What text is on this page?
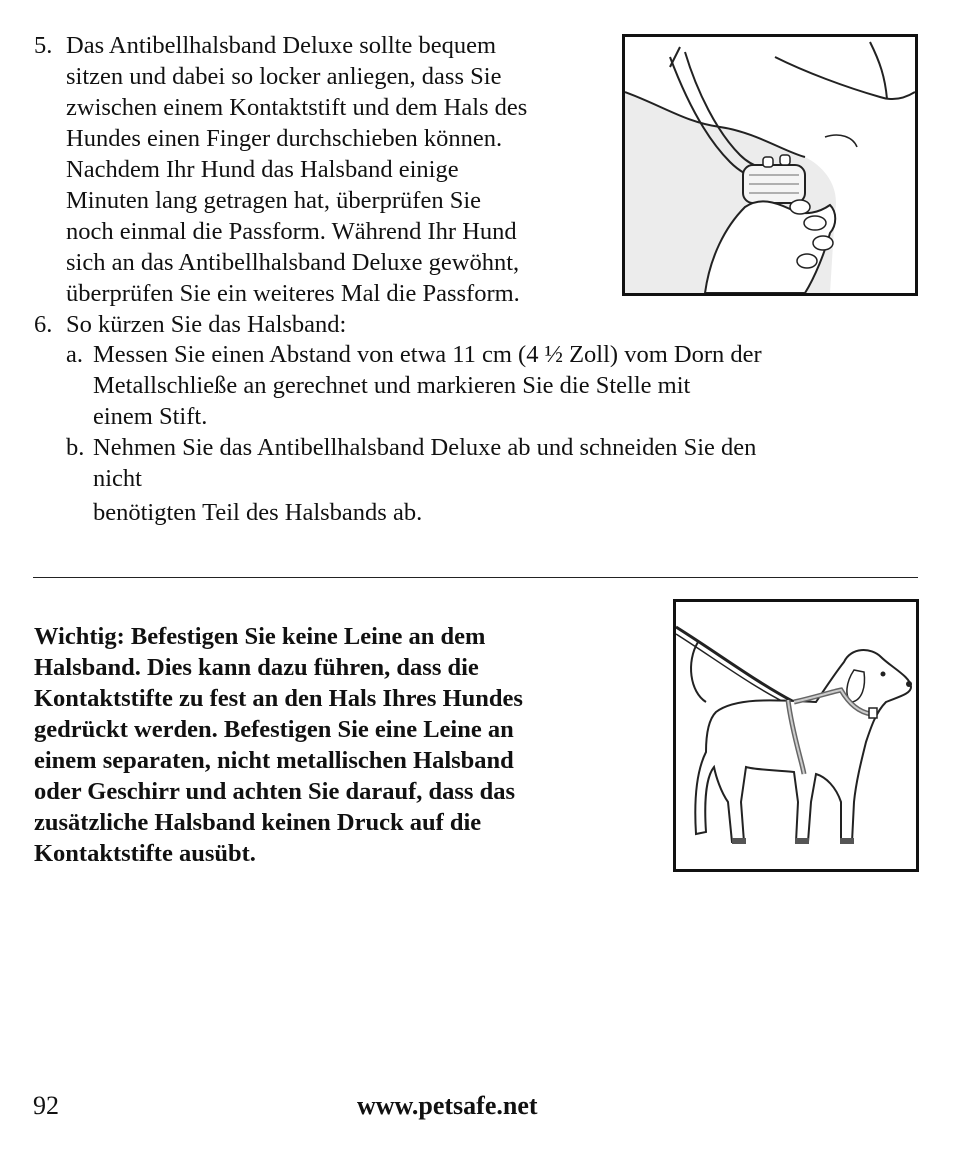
5. Das Antibellhalsband Deluxe sollte bequem
sitzen und dabei so locker anliegen, dass Sie
zwischen einem Kontaktstift und dem Hals des
Hundes einen Finger durchschieben können.
Nachdem Ihr Hund das Halsband einige
Minuten lang getragen hat, überprüfen Sie
noch einmal die Passform. Während Ihr Hund
sich an das Antibellhalsband Deluxe gewöhnt,
überprüfen Sie ein weiteres Mal die Passform.
6. So kürzen Sie das Halsband:
a. Messen Sie einen Abstand von etwa 11 cm (4 ½ Zoll) vom Dorn der
Metallschließe an gerechnet und markieren Sie die Stelle mit
einem Stift.
b. Nehmen Sie das Antibellhalsband Deluxe ab und schneiden Sie den
nicht
benötigten Teil des Halsbands ab.
Wichtig: Befestigen Sie keine Leine an dem
Halsband. Dies kann dazu führen, dass die
Kontaktstifte zu fest an den Hals Ihres Hundes
gedrückt werden. Befestigen Sie eine Leine an
einem separaten, nicht metallischen Halsband
oder Geschirr und achten Sie darauf, dass das
zusätzliche Halsband keinen Druck auf die
Kontaktstifte ausübt.
92	www.petsafe.net
